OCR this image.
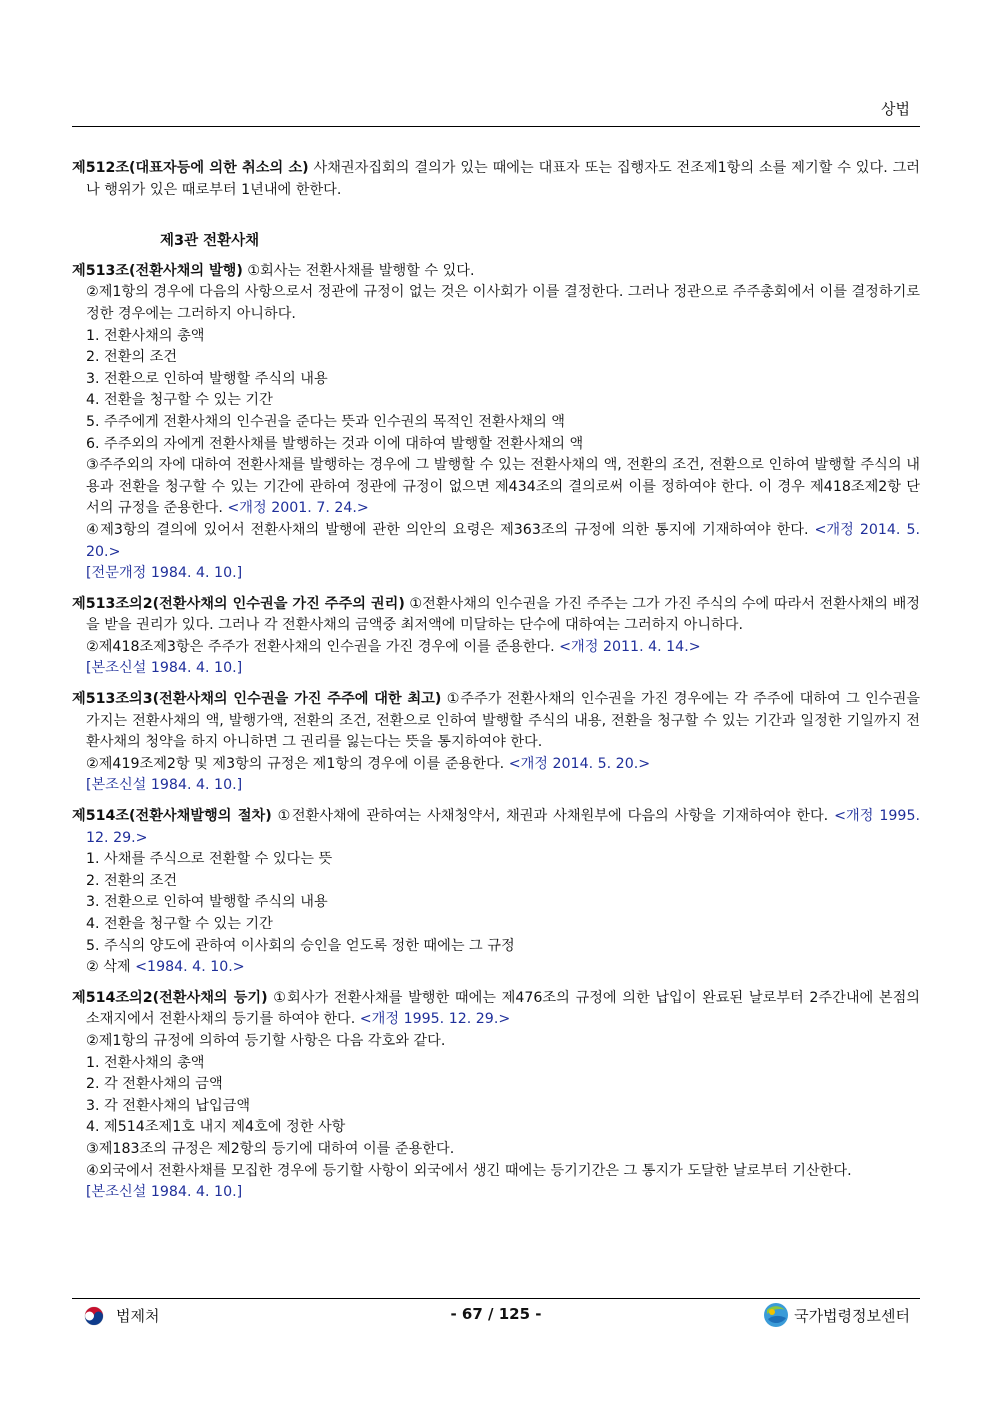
상법
제512조(대표자등에 의한 취소의 소) 사채권자집회의 결의가 있는 때에는 대표자 또는 집행자도 전조제1항의 소를 제기할 수 있다. 그러나 행위가 있은 때로부터 1년내에 한한다.
제3관 전환사채
제513조(전환사채의 발행) ①회사는 전환사채를 발행할 수 있다.
②제1항의 경우에 다음의 사항으로서 정관에 규정이 없는 것은 이사회가 이를 결정한다. 그러나 정관으로 주주총회에서 이를 결정하기로 정한 경우에는 그러하지 아니하다.
1. 전환사채의 총액
2. 전환의 조건
3. 전환으로 인하여 발행할 주식의 내용
4. 전환을 청구할 수 있는 기간
5. 주주에게 전환사채의 인수권을 준다는 뜻과 인수권의 목적인 전환사채의 액
6. 주주외의 자에게 전환사채를 발행하는 것과 이에 대하여 발행할 전환사채의 액
③주주외의 자에 대하여 전환사채를 발행하는 경우에 그 발행할 수 있는 전환사채의 액, 전환의 조건, 전환으로 인하여 발행할 주식의 내용과 전환을 청구할 수 있는 기간에 관하여 정관에 규정이 없으면 제434조의 결의로써 이를 정하여야 한다. 이 경우 제418조제2항 단서의 규정을 준용한다. <개정 2001. 7. 24.>
④제3항의 결의에 있어서 전환사채의 발행에 관한 의안의 요령은 제363조의 규정에 의한 통지에 기재하여야 한다. <개정 2014. 5. 20.>
[전문개정 1984. 4. 10.]
제513조의2(전환사채의 인수권을 가진 주주의 권리) ①전환사채의 인수권을 가진 주주는 그가 가진 주식의 수에 따라서 전환사채의 배정을 받을 권리가 있다. 그러나 각 전환사채의 금액중 최저액에 미달하는 단수에 대하여는 그러하지 아니하다.
②제418조제3항은 주주가 전환사채의 인수권을 가진 경우에 이를 준용한다. <개정 2011. 4. 14.>
[본조신설 1984. 4. 10.]
제513조의3(전환사채의 인수권을 가진 주주에 대한 최고) ①주주가 전환사채의 인수권을 가진 경우에는 각 주주에 대하여 그 인수권을 가지는 전환사채의 액, 발행가액, 전환의 조건, 전환으로 인하여 발행할 주식의 내용, 전환을 청구할 수 있는 기간과 일정한 기일까지 전환사채의 청약을 하지 아니하면 그 권리를 잃는다는 뜻을 통지하여야 한다.
②제419조제2항 및 제3항의 규정은 제1항의 경우에 이를 준용한다. <개정 2014. 5. 20.>
[본조신설 1984. 4. 10.]
제514조(전환사채발행의 절차) ①전환사채에 관하여는 사채청약서, 채권과 사채원부에 다음의 사항을 기재하여야 한다. <개정 1995. 12. 29.>
1. 사채를 주식으로 전환할 수 있다는 뜻
2. 전환의 조건
3. 전환으로 인하여 발행할 주식의 내용
4. 전환을 청구할 수 있는 기간
5. 주식의 양도에 관하여 이사회의 승인을 얻도록 정한 때에는 그 규정
② 삭제 <1984. 4. 10.>
제514조의2(전환사채의 등기) ①회사가 전환사채를 발행한 때에는 제476조의 규정에 의한 납입이 완료된 날로부터 2주간내에 본점의 소재지에서 전환사채의 등기를 하여야 한다. <개정 1995. 12. 29.>
②제1항의 규정에 의하여 등기할 사항은 다음 각호와 같다.
1. 전환사채의 총액
2. 각 전환사채의 금액
3. 각 전환사채의 납입금액
4. 제514조제1호 내지 제4호에 정한 사항
③제183조의 규정은 제2항의 등기에 대하여 이를 준용한다.
④외국에서 전환사채를 모집한 경우에 등기할 사항이 외국에서 생긴 때에는 등기기간은 그 통지가 도달한 날로부터 기산한다.
[본조신설 1984. 4. 10.]
법제처	- 67 / 125 -	국가법령정보센터
